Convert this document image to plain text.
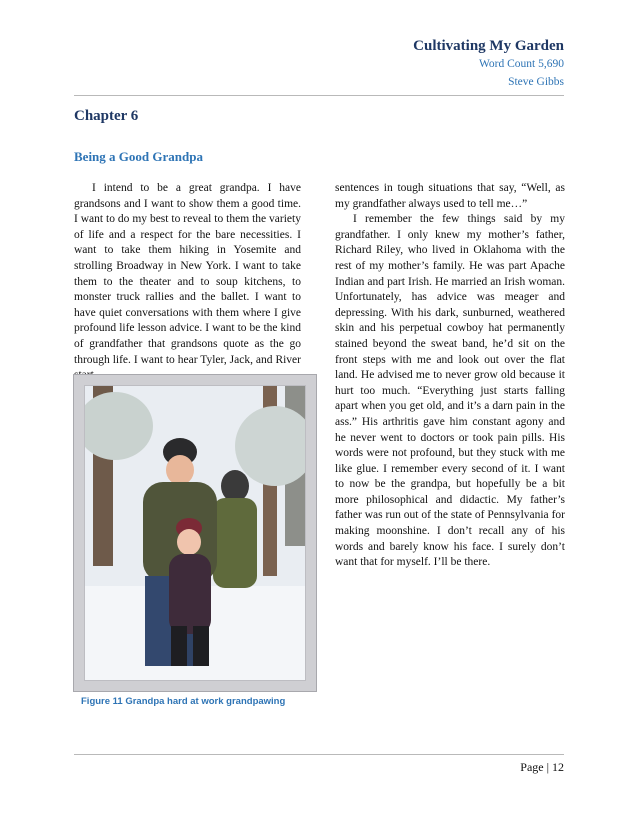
Cultivating My Garden
Word Count 5,690
Steve Gibbs
Chapter 6
Being a Good Grandpa

I intend to be a great grandpa. I have grandsons and I want to show them a good time. I want to do my best to reveal to them the variety of life and a respect for the bare necessities. I want to take them hiking in Yosemite and strolling Broadway in New York. I want to take them to the theater and to soup kitchens, to monster truck rallies and the ballet. I want to have quiet conversations with them where I give profound life lesson advice. I want to be the kind of grandfather that grandsons quote as the go through life. I want to hear Tyler, Jack, and River

Figure 11 Grandpa hard at work grandpawing

sentences in tough situations that say, “Well, as my grandfather always used to tell me…”

I remember the few things said by my grandfather. I only knew my mother’s father, Richard Riley, who lived in Oklahoma with the rest of my mother’s family. He was part Apache Indian and part Irish. He married an Irish woman. Unfortunately, has advice was meager and depressing. With his dark, sunburned, weathered skin and his perpetual cowboy hat permanently stained beyond the sweat band, he’d sit on the front steps with me and look out over the flat land. He advised me to never grow old because it hurt too much. “Everything just starts falling apart when you get old, and it’s a darn pain in the ass.” His arthritis gave him constant agony and he never went to doctors or took pain pills. His words were not profound, but they stuck with me like glue. I remember every second of it. I want to now be the grandpa, but hopefully be a bit more philosophical and didactic. My father’s father was run out of the state of Pennsylvania for making moonshine. I don’t recall any of his words and barely know his face. I surely don’t want that for myself. I’ll be there.

Page | 12
